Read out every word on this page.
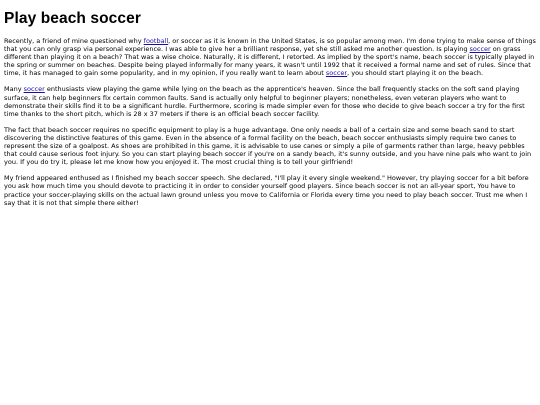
Play beach soccer

Recently, a friend of mine questioned why football, or soccer as it is known in the United States, is so popular among men. I'm done trying to make sense of things that you can only grasp via personal experience. I was able to give her a brilliant response, yet she still asked me another question. Is playing soccer on grass different than playing it on a beach? That was a wise choice. Naturally, it is different, I retorted. As implied by the sport's name, beach soccer is typically played in the spring or summer on beaches. Despite being played informally for many years, it wasn't until 1992 that it received a formal name and set of rules. Since that time, it has managed to gain some popularity, and in my opinion, if you really want to learn about soccer, you should start playing it on the beach.

Many soccer enthusiasts view playing the game while lying on the beach as the apprentice's heaven. Since the ball frequently stacks on the soft sand playing surface, it can help beginners fix certain common faults. Sand is actually only helpful to beginner players; nonetheless, even veteran players who want to demonstrate their skills find it to be a significant hurdle. Furthermore, scoring is made simpler even for those who decide to give beach soccer a try for the first time thanks to the short pitch, which is 28 x 37 meters if there is an official beach soccer facility.

The fact that beach soccer requires no specific equipment to play is a huge advantage. One only needs a ball of a certain size and some beach sand to start discovering the distinctive features of this game. Even in the absence of a formal facility on the beach, beach soccer enthusiasts simply require two canes to represent the size of a goalpost. As shoes are prohibited in this game, it is advisable to use canes or simply a pile of garments rather than large, heavy pebbles that could cause serious foot injury. So you can start playing beach soccer if you're on a sandy beach, it's sunny outside, and you have nine pals who want to join you. If you do try it, please let me know how you enjoyed it. The most crucial thing is to tell your girlfriend!

My friend appeared enthused as I finished my beach soccer speech. She declared, "I'll play it every single weekend." However, try playing soccer for a bit before you ask how much time you should devote to practicing it in order to consider yourself good players. Since beach soccer is not an all-year sport, You have to practice your soccer-playing skills on the actual lawn ground unless you move to California or Florida every time you need to play beach soccer. Trust me when I say that it is not that simple there either!
